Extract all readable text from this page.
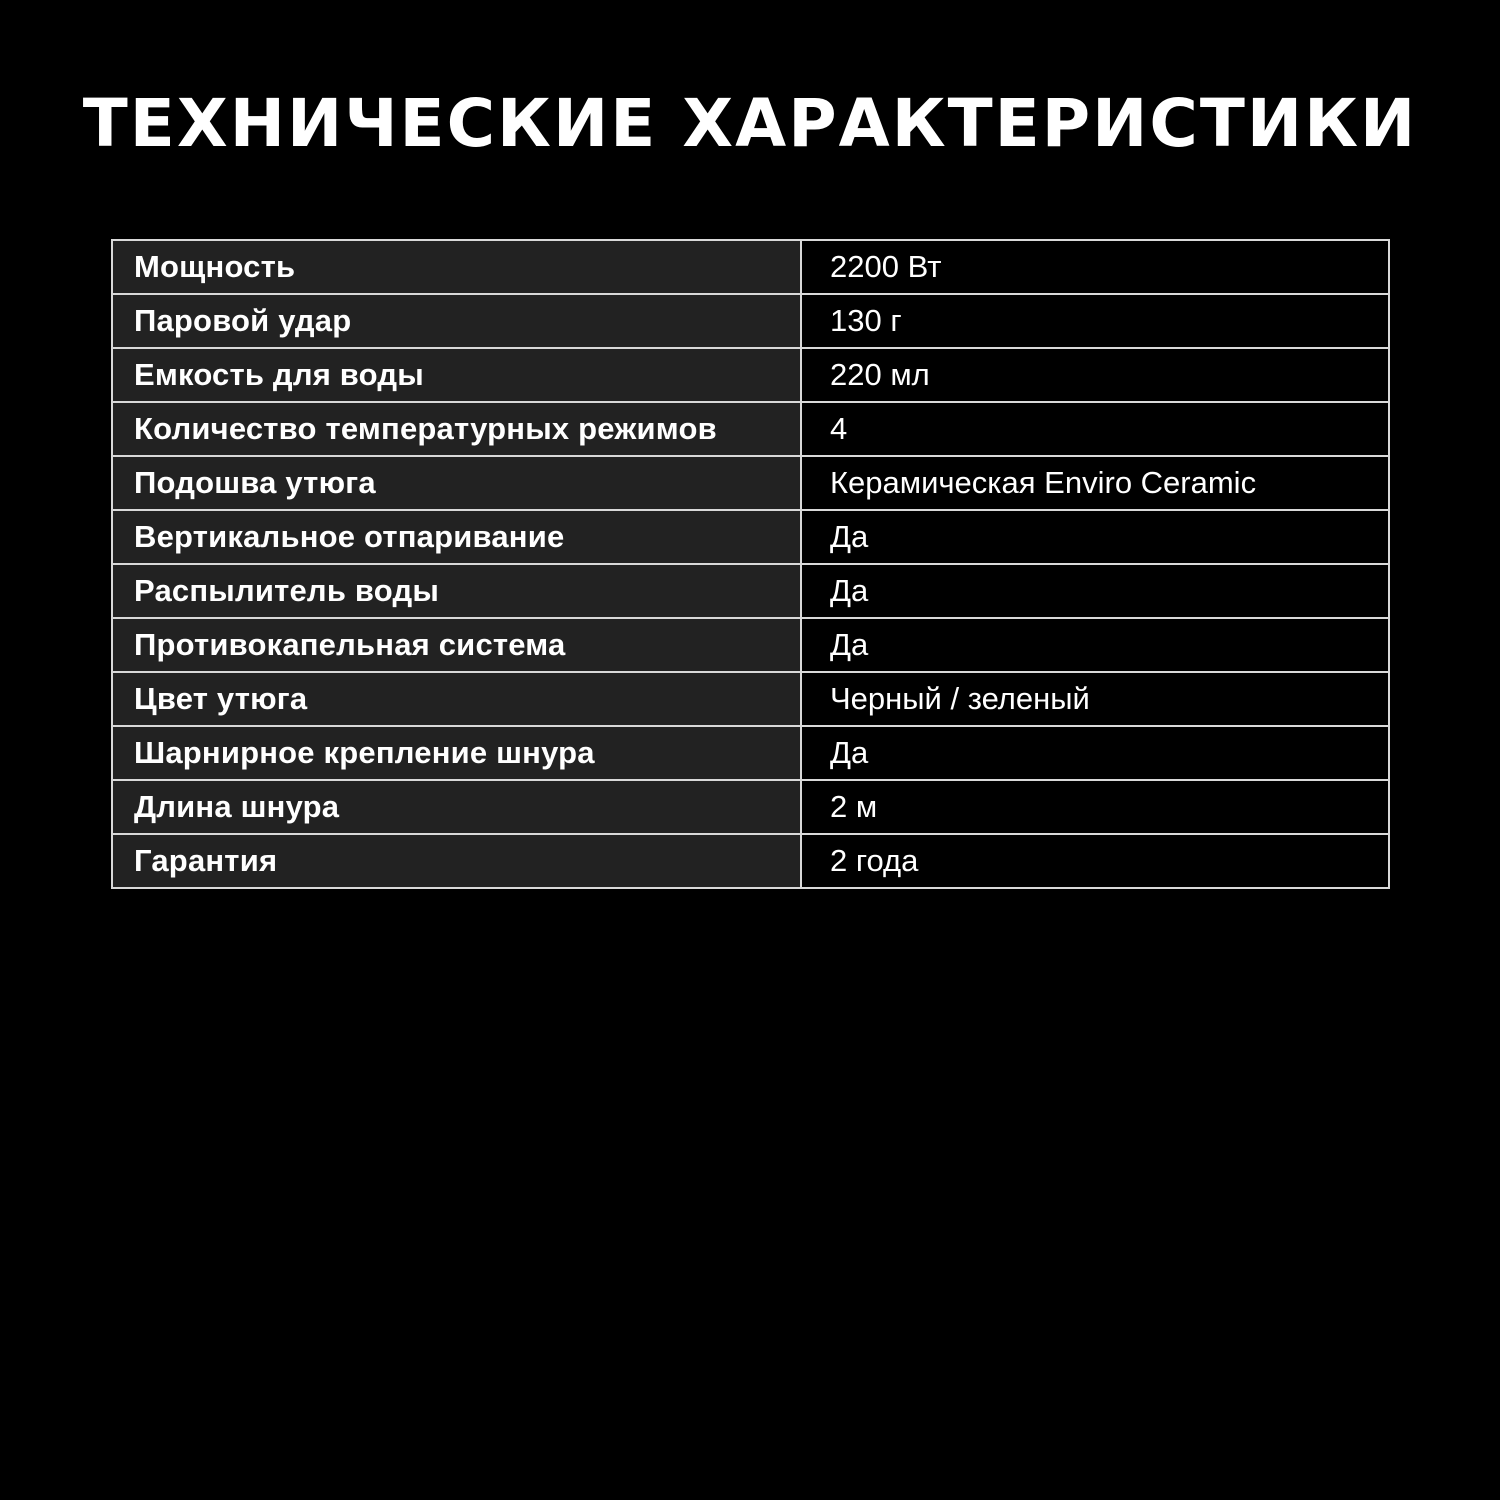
ТЕХНИЧЕСКИЕ ХАРАКТЕРИСТИКИ
Мощность	2200 Вт
Паровой удар	130 г
Емкость для воды	220 мл
Количество температурных режимов	4
Подошва утюга	Керамическая Enviro Ceramic
Вертикальное отпаривание	Да
Распылитель воды	Да
Противокапельная система	Да
Цвет утюга	Черный / зеленый
Шарнирное крепление шнура	Да
Длина шнура	2 м
Гарантия	2 года
